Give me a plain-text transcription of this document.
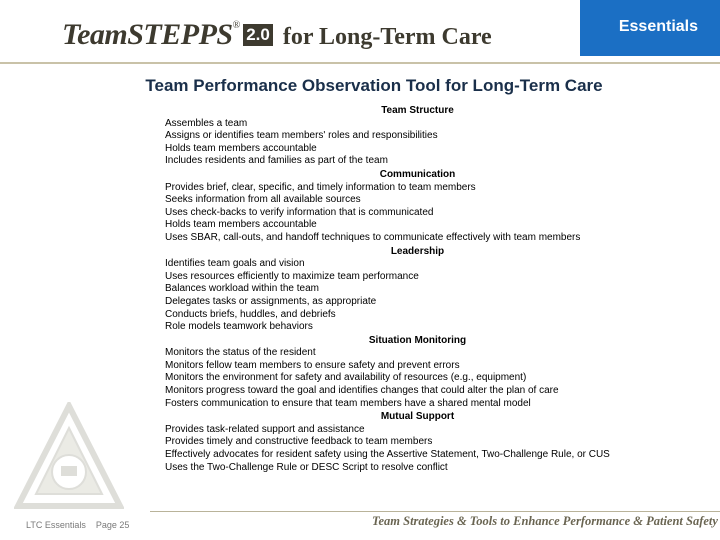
TeamSTEPPS® 2.0 for Long-Term Care	Essentials
Team Performance Observation Tool for Long-Term Care
Team Structure
Assembles a team
Assigns or identifies team members' roles and responsibilities
Holds team members accountable
Includes residents and families as part of the team
Communication
Provides brief, clear, specific, and timely information to team members
Seeks information from all available sources
Uses check-backs to verify information that is communicated
Holds team members accountable
Uses SBAR, call-outs, and handoff techniques to communicate effectively with team members
Leadership
Identifies team goals and vision
Uses resources efficiently to maximize team performance
Balances workload within the team
Delegates tasks or assignments, as appropriate
Conducts briefs, huddles, and debriefs
Role models teamwork behaviors
Situation Monitoring
Monitors the status of the resident
Monitors fellow team members to ensure safety and prevent errors
Monitors the environment for safety and availability of resources (e.g., equipment)
Monitors progress toward the goal and identifies changes that could alter the plan of care
Fosters communication to ensure that team members have a shared mental model
Mutual Support
Provides task-related support and assistance
Provides timely and constructive feedback to team members
Effectively advocates for resident safety using the Assertive Statement, Two-Challenge Rule, or CUS
Uses the Two-Challenge Rule or DESC Script to resolve conflict
LTC Essentials Page 25	Team Strategies & Tools to Enhance Performance & Patient Safety
